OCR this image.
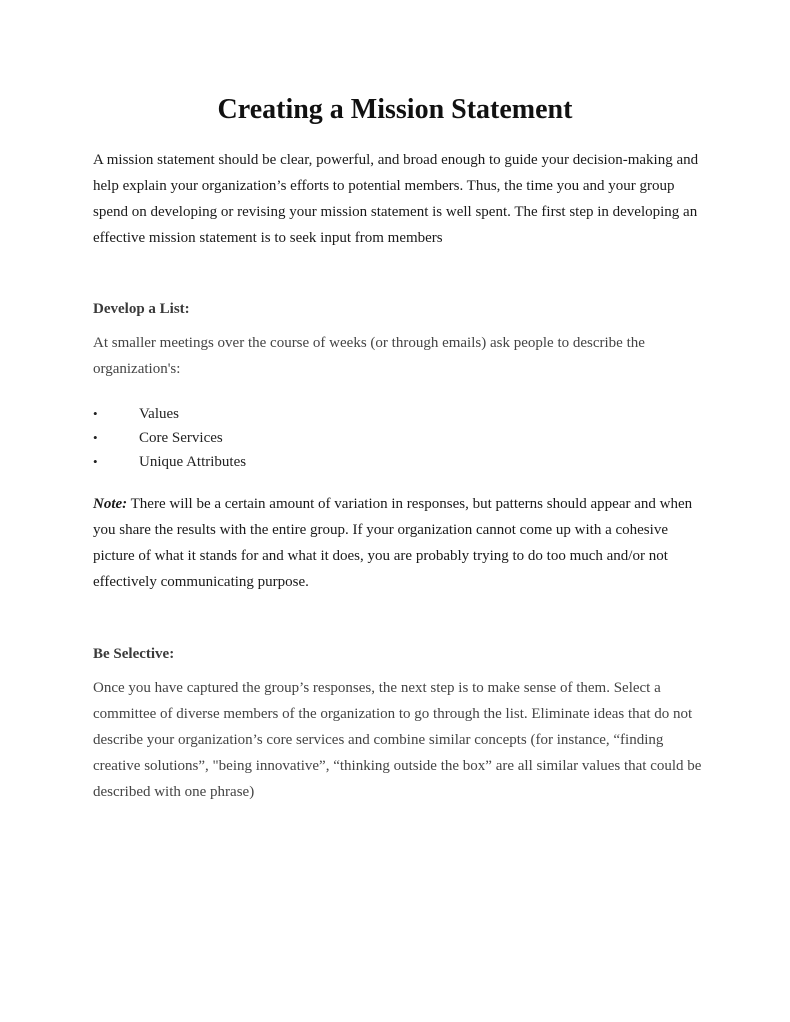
Creating a Mission Statement

A mission statement should be clear, powerful, and broad enough to guide your decision-making and help explain your organization’s efforts to potential members. Thus, the time you and your group spend on developing or revising your mission statement is well spent. The first step in developing an effective mission statement is to seek input from members

Develop a List:

At smaller meetings over the course of weeks (or through emails) ask people to describe the organization's:

•	Values
•	Core Services
•	Unique Attributes

Note: There will be a certain amount of variation in responses, but patterns should appear and when you share the results with the entire group. If your organization cannot come up with a cohesive picture of what it stands for and what it does, you are probably trying to do too much and/or not effectively communicating purpose.

Be Selective:

Once you have captured the group’s responses, the next step is to make sense of them. Select a committee of diverse members of the organization to go through the list. Eliminate ideas that do not describe your organization’s core services and combine similar concepts (for instance, “finding creative solutions”, "being innovative”, “thinking outside the box” are all similar values that could be described with one phrase)
